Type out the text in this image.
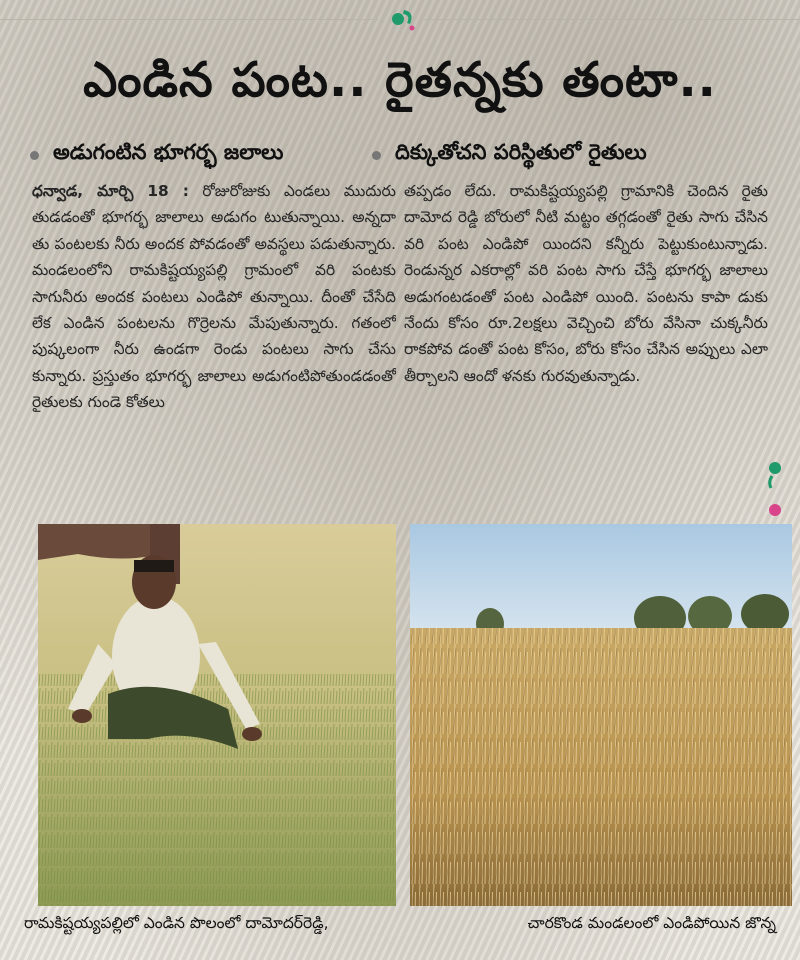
ఎండిన పంట.. రైతన్నకు తంటా..
అడుగంటిన భూగర్భ జలాలు	దిక్కుతోచని పరిస్థితులో రైతులు

ధన్వాడ, మార్చి 18 : రోజురోజుకు ఎండలు ముదురు తుడడంతో భూగర్భ జాలాలు అడుగం టుతున్నాయి. అన్నదా తు పంటలకు నీరు అందక పోవడంతో అవస్థలు పడుతున్నారు. మండలంలోని రామకిష్టయ్యపల్లి గ్రామంలో వరి పంటకు సాగునీరు అందక పంటలు ఎండిపో తున్నాయి. దీంతో చేసేది లేక ఎండిన పంటలను గొర్రెలను మేపుతున్నారు. గతంలో పుష్కలంగా నీరు ఉండగా రెండు పంటలు సాగు చేసు కున్నారు. ప్రస్తుతం భూగర్భ జాలాలు అడుగంటిపోతుండడంతో రైతులకు గుండె కోతలు

తప్పడం లేదు. రామకిష్టయ్యపల్లి గ్రామానికి చెందిన రైతు దామోద రెడ్డి బోరులో నీటి మట్టం తగ్గడంతో రైతు సాగు చేసిన వరి పంట ఎండిపో యిందని కన్నీరు పెట్టుకుంటున్నాడు. రెండున్నర ఎకరాల్లో వరి పంట సాగు చేస్తే భూగర్భ జాలాలు అడుగంటడంతో పంట ఎండిపో యింది. పంటను కాపా డుకు నేందు కోసం రూ.2లక్షలు వెచ్చించి బోరు వేసినా చుక్కనీరు రాకపోవ డంతో పంట కోసం, బోరు కోసం చేసిన అప్పులు ఎలా తీర్చాలని ఆందో ళనకు గురవుతున్నాడు.

రామకిష్టయ్యపల్లిలో ఎండిన పొలంలో దామోదర్‌రెడ్డి,	చారకొండ మండలంలో ఎండిపోయిన జొన్న
